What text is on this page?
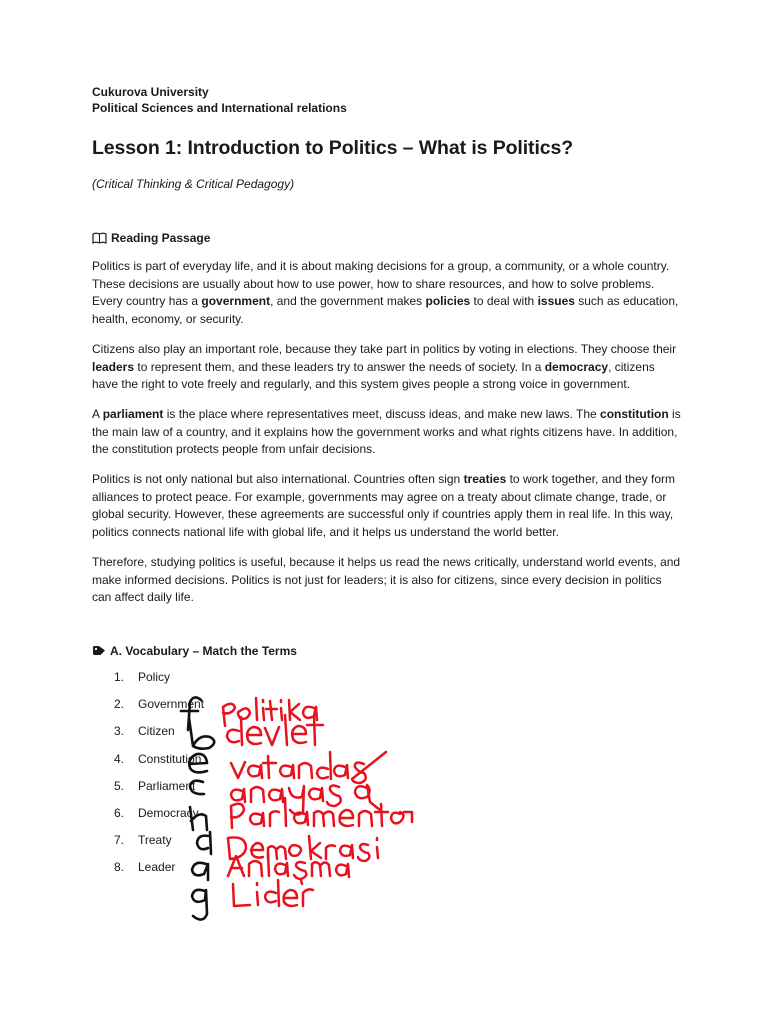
Cukurova University

Political Sciences and International relations

Lesson 1: Introduction to Politics – What is Politics?

(Critical Thinking & Critical Pedagogy)

Reading Passage

Politics is part of everyday life, and it is about making decisions for a group, a community, or a whole country. These decisions are usually about how to use power, how to share resources, and how to solve problems. Every country has a government, and the government makes policies to deal with issues such as education, health, economy, or security.

Citizens also play an important role, because they take part in politics by voting in elections. They choose their leaders to represent them, and these leaders try to answer the needs of society. In a democracy, citizens have the right to vote freely and regularly, and this system gives people a strong voice in government.

A parliament is the place where representatives meet, discuss ideas, and make new laws. The constitution is the main law of a country, and it explains how the government works and what rights citizens have. In addition, the constitution protects people from unfair decisions.

Politics is not only national but also international. Countries often sign treaties to work together, and they form alliances to protect peace. For example, governments may agree on a treaty about climate change, trade, or global security. However, these agreements are successful only if countries apply them in real life. In this way, politics connects national life with global life, and it helps us understand the world better.

Therefore, studying politics is useful, because it helps us read the news critically, understand world events, and make informed decisions. Politics is not just for leaders; it is also for citizens, since every decision in politics can affect daily life.

A. Vocabulary – Match the Terms
1.	Policy
2.	Government
3.	Citizen
4.	Constitution
5.	Parliament
6.	Democracy
7.	Treaty
8.	Leader
